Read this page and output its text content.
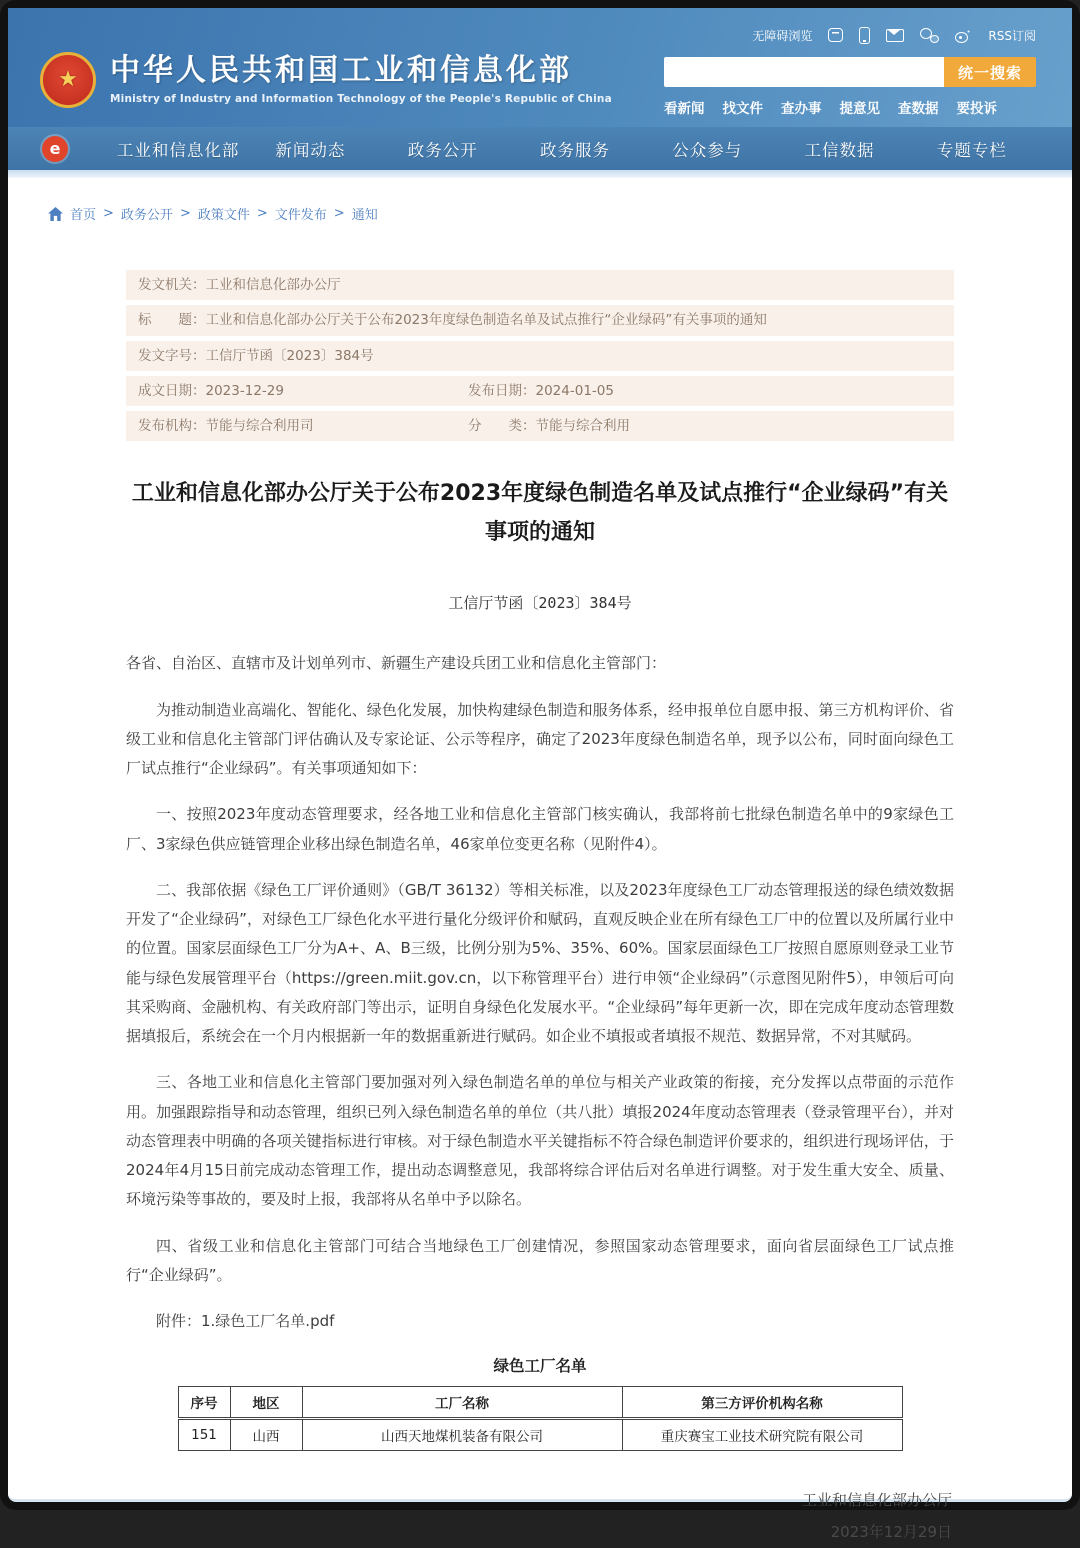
★ 中华人民共和国工业和信息化部
Ministry of Industry and Information Technology of the People's Republic of China
无障碍浏览	RSS订阅
统一搜索
看新闻 找文件 查办事 提意见 查数据 要投诉
e	工业和信息化部	新闻动态	政务公开	政务服务	公众参与	工信数据	专题专栏
首页 > 政务公开 > 政策文件 > 文件发布 > 通知
发文机关： 工业和信息化部办公厅
标　　题： 工业和信息化部办公厅关于公布2023年度绿色制造名单及试点推行“企业绿码”有关事项的通知
发文字号： 工信厅节函〔2023〕384号
成文日期： 2023-12-29	发布日期： 2024-01-05
发布机构： 节能与综合利用司	分　　类： 节能与综合利用
工业和信息化部办公厅关于公布2023年度绿色制造名单及试点推行“企业绿码”有关事项的通知
工信厅节函〔2023〕384号

各省、自治区、直辖市及计划单列市、新疆生产建设兵团工业和信息化主管部门：

为推动制造业高端化、智能化、绿色化发展，加快构建绿色制造和服务体系，经申报单位自愿申报、第三方机构评价、省级工业和信息化主管部门评估确认及专家论证、公示等程序，确定了2023年度绿色制造名单，现予以公布，同时面向绿色工厂试点推行“企业绿码”。有关事项通知如下：

一、按照2023年度动态管理要求，经各地工业和信息化主管部门核实确认，我部将前七批绿色制造名单中的9家绿色工厂、3家绿色供应链管理企业移出绿色制造名单，46家单位变更名称（见附件4）。

二、我部依据《绿色工厂评价通则》（GB/T 36132）等相关标准，以及2023年度绿色工厂动态管理报送的绿色绩效数据开发了“企业绿码”，对绿色工厂绿色化水平进行量化分级评价和赋码，直观反映企业在所有绿色工厂中的位置以及所属行业中的位置。国家层面绿色工厂分为A+、A、B三级，比例分别为5%、35%、60%。国家层面绿色工厂按照自愿原则登录工业节能与绿色发展管理平台（https://green.miit.gov.cn，以下称管理平台）进行申领“企业绿码”（示意图见附件5），申领后可向其采购商、金融机构、有关政府部门等出示，证明自身绿色化发展水平。“企业绿码”每年更新一次，即在完成年度动态管理数据填报后，系统会在一个月内根据新一年的数据重新进行赋码。如企业不填报或者填报不规范、数据异常，不对其赋码。

三、各地工业和信息化主管部门要加强对列入绿色制造名单的单位与相关产业政策的衔接，充分发挥以点带面的示范作用。加强跟踪指导和动态管理，组织已列入绿色制造名单的单位（共八批）填报2024年度动态管理表（登录管理平台），并对动态管理表中明确的各项关键指标进行审核。对于绿色制造水平关键指标不符合绿色制造评价要求的，组织进行现场评估，于2024年4月15日前完成动态管理工作，提出动态调整意见，我部将综合评估后对名单进行调整。对于发生重大安全、质量、环境污染等事故的，要及时上报，我部将从名单中予以除名。

四、省级工业和信息化主管部门可结合当地绿色工厂创建情况，参照国家动态管理要求，面向省层面绿色工厂试点推行“企业绿码”。

附件：1.绿色工厂名单.pdf

绿色工厂名单
序号	地区	工厂名称	第三方评价机构名称
151	山西	山西天地煤机装备有限公司	重庆赛宝工业技术研究院有限公司
工业和信息化部办公厅
2023年12月29日
